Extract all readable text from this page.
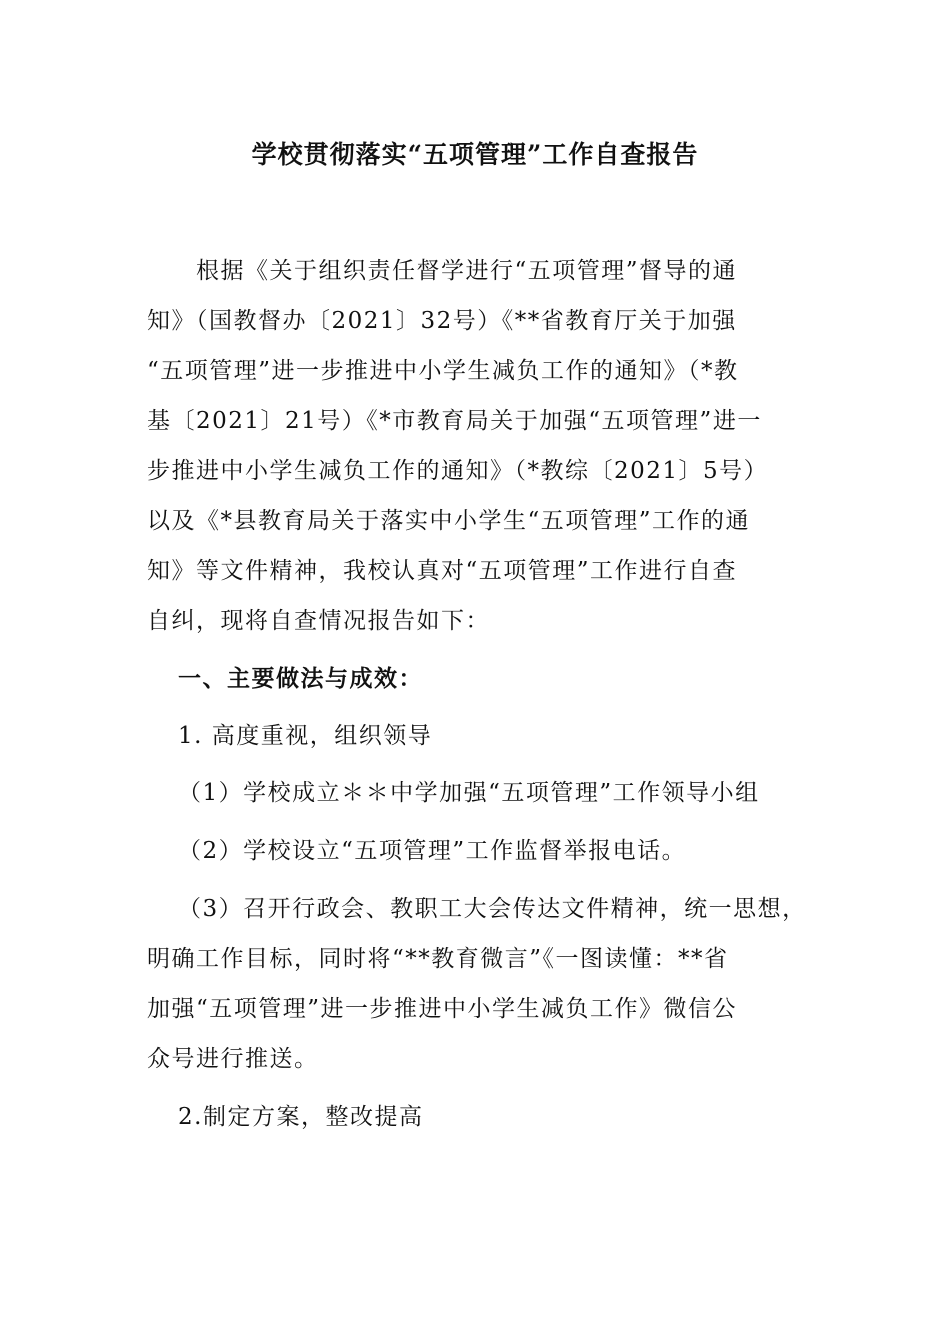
学校贯彻落实“五项管理”工作自查报告
根据《关于组织责任督学进行“五项管理”督导的通
知》（国教督办〔2021〕32号）《**省教育厅关于加强
“五项管理”进一步推进中小学生减负工作的通知》（*教
基〔2021〕21号）《*市教育局关于加强“五项管理”进一
步推进中小学生减负工作的通知》（*教综〔2021〕5号）
以及《*县教育局关于落实中小学生“五项管理”工作的通
知》等文件精神，我校认真对“五项管理”工作进行自查
自纠，现将自查情况报告如下：
一、主要做法与成效：
1. 高度重视，组织领导
（1）学校成立＊＊中学加强“五项管理”工作领导小组
（2）学校设立“五项管理”工作监督举报电话。
（3）召开行政会、教职工大会传达文件精神，统一思想，
明确工作目标，同时将“**教育微言”《一图读懂：**省
加强“五项管理”进一步推进中小学生减负工作》微信公
众号进行推送。
2.制定方案，整改提高
